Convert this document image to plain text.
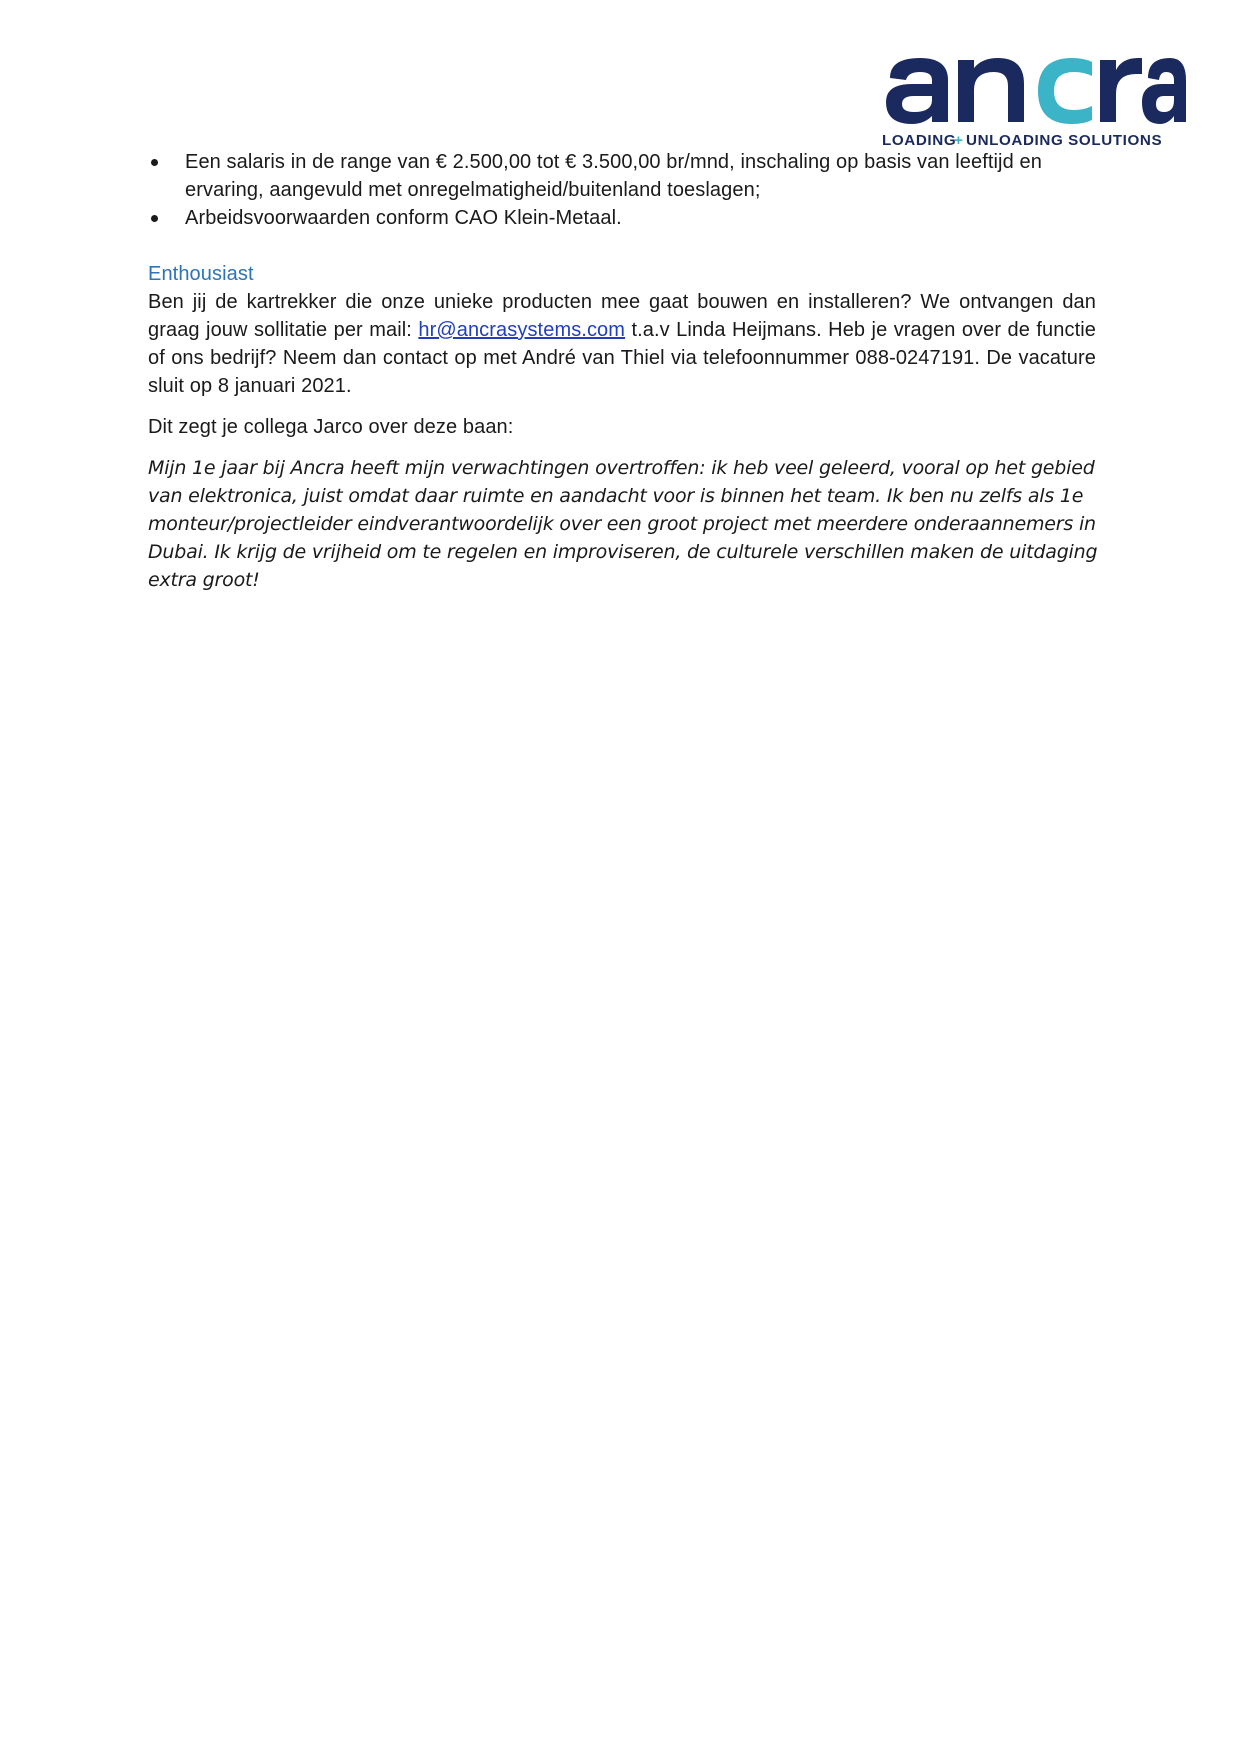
LOADING
+ UNLOADING SOLUTIONS
Een salaris in de range van € 2.500,00 tot € 3.500,00 br/mnd, inschaling op basis van leeftijd en ervaring, aangevuld met onregelmatigheid/buitenland toeslagen;
Arbeidsvoorwaarden conform CAO Klein-Metaal.
Enthousiast

Ben jij de kartrekker die onze unieke producten mee gaat bouwen en installeren? We ontvangen dan graag jouw sollitatie per mail: hr@ancrasystems.com t.a.v Linda Heijmans. Heb je vragen over de functie of ons bedrijf? Neem dan contact op met André van Thiel via telefoonnummer 088-0247191. De vacature sluit op 8 januari 2021.

Dit zegt je collega Jarco over deze baan:

Mijn 1e jaar bij Ancra heeft mijn verwachtingen overtroffen: ik heb veel geleerd, vooral op het gebied van elektronica, juist omdat daar ruimte en aandacht voor is binnen het team. Ik ben nu zelfs als 1e monteur/projectleider eindverantwoordelijk over een groot project met meerdere onderaannemers in Dubai. Ik krijg de vrijheid om te regelen en improviseren, de culturele verschillen maken de uitdaging extra groot!
